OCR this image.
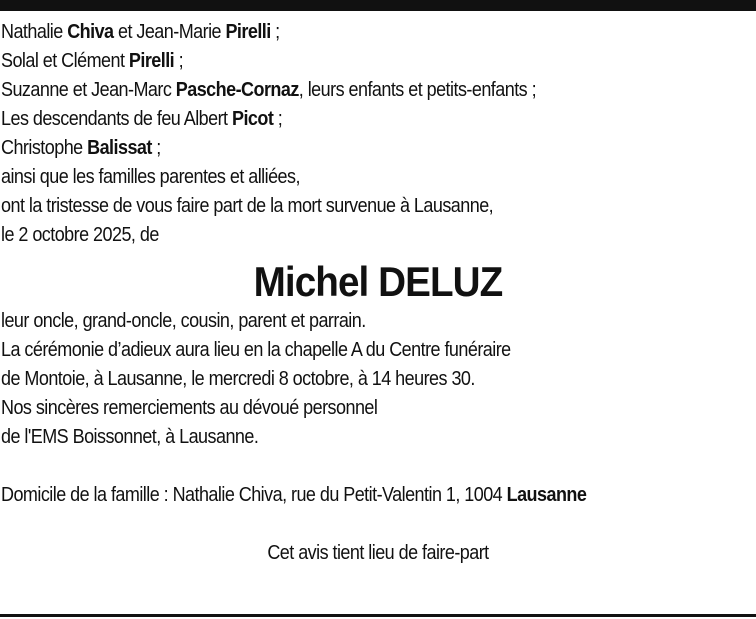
Nathalie Chiva et Jean-Marie Pirelli ;
Solal et Clément Pirelli ;
Suzanne et Jean-Marc Pasche-Cornaz, leurs enfants et petits-enfants ;
Les descendants de feu Albert Picot ;
Christophe Balissat ;
ainsi que les familles parentes et alliées,
ont la tristesse de vous faire part de la mort survenue à Lausanne,
le 2 octobre 2025, de
Michel DELUZ
leur oncle, grand-oncle, cousin, parent et parrain.
La cérémonie d’adieux aura lieu en la chapelle A du Centre funéraire
de Montoie, à Lausanne, le mercredi 8 octobre, à 14 heures 30.
Nos sincères remerciements au dévoué personnel
de l'EMS Boissonnet, à Lausanne.
Domicile de la famille : Nathalie Chiva, rue du Petit-Valentin 1, 1004 Lausanne
Cet avis tient lieu de faire-part
